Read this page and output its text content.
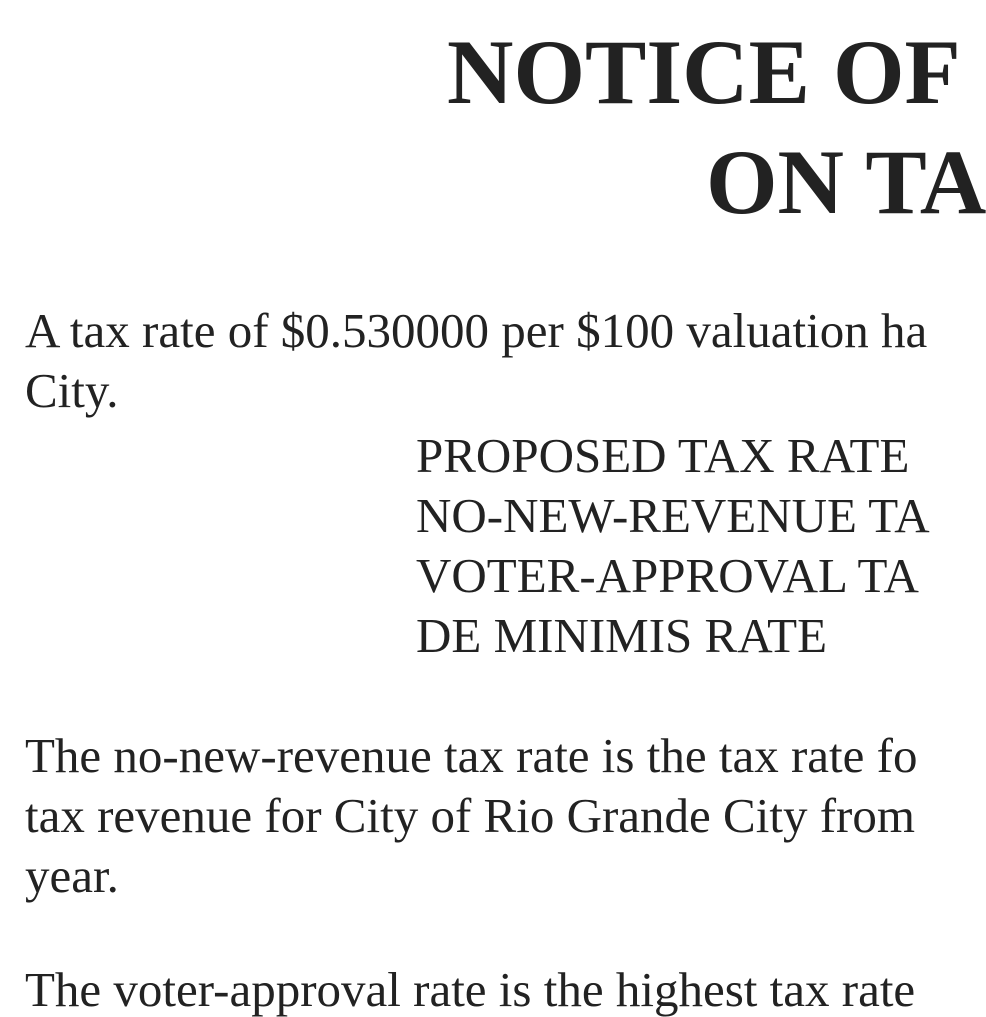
NOTICE OF
ON TA
A tax rate of $0.530000 per $100 valuation ha
City.
PROPOSED TAX RATE
NO-NEW-REVENUE TA
VOTER-APPROVAL TA
DE MINIMIS RATE
The no-new-revenue tax rate is the tax rate fo
tax revenue for City of Rio Grande City from
year.
The voter-approval rate is the highest tax rate
